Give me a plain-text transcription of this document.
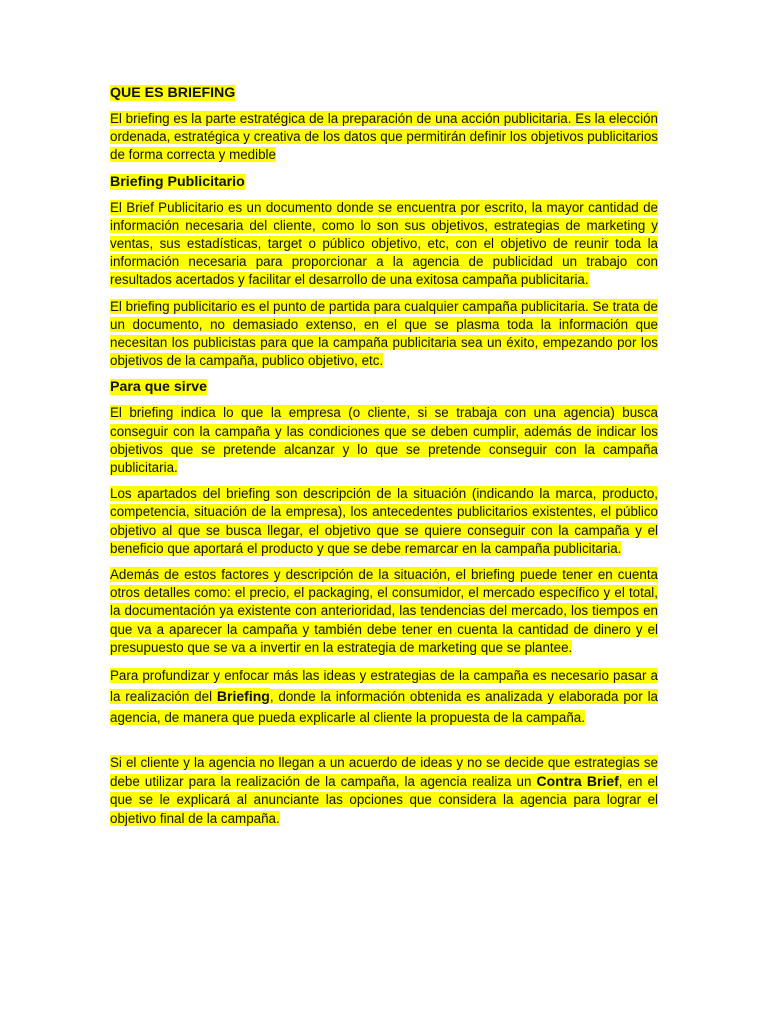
QUE ES BRIEFING
El briefing es la parte estratégica de la preparación de una acción publicitaria. Es la elección ordenada, estratégica y creativa de los datos que permitirán definir los objetivos publicitarios de forma correcta y medible
Briefing Publicitario
El Brief Publicitario es un documento donde se encuentra por escrito, la mayor cantidad de información necesaria del cliente, como lo son sus objetivos, estrategias de marketing y ventas, sus estadísticas, target o público objetivo, etc, con el objetivo de reunir toda la información necesaria para proporcionar a la agencia de publicidad un trabajo con resultados acertados y facilitar el desarrollo de una exitosa campaña publicitaria.
El briefing publicitario es el punto de partida para cualquier campaña publicitaria. Se trata de un documento, no demasiado extenso, en el que se plasma toda la información que necesitan los publicistas para que la campaña publicitaria sea un éxito, empezando por los objetivos de la campaña, publico objetivo, etc.
Para que sirve
El briefing indica lo que la empresa (o cliente, si se trabaja con una agencia) busca conseguir con la campaña y las condiciones que se deben cumplir, además de indicar los objetivos que se pretende alcanzar y lo que se pretende conseguir con la campaña publicitaria.
Los apartados del briefing son descripción de la situación (indicando la marca, producto, competencia, situación de la empresa), los antecedentes publicitarios existentes, el público objetivo al que se busca llegar, el objetivo que se quiere conseguir con la campaña y el beneficio que aportará el producto y que se debe remarcar en la campaña publicitaria.
Además de estos factores y descripción de la situación, el briefing puede tener en cuenta otros detalles como: el precio, el packaging, el consumidor, el mercado específico y el total, la documentación ya existente con anterioridad, las tendencias del mercado, los tiempos en que va a aparecer la campaña y también debe tener en cuenta la cantidad de dinero y el presupuesto que se va a invertir en la estrategia de marketing que se plantee.
Para profundizar y enfocar más las ideas y estrategias de la campaña es necesario pasar a la realización del Briefing, donde la información obtenida es analizada y elaborada por la agencia, de manera que pueda explicarle al cliente la propuesta de la campaña.
Si el cliente y la agencia no llegan a un acuerdo de ideas y no se decide que estrategias se debe utilizar para la realización de la campaña, la agencia realiza un Contra Brief, en el que se le explicará al anunciante las opciones que considera la agencia para lograr el objetivo final de la campaña.
